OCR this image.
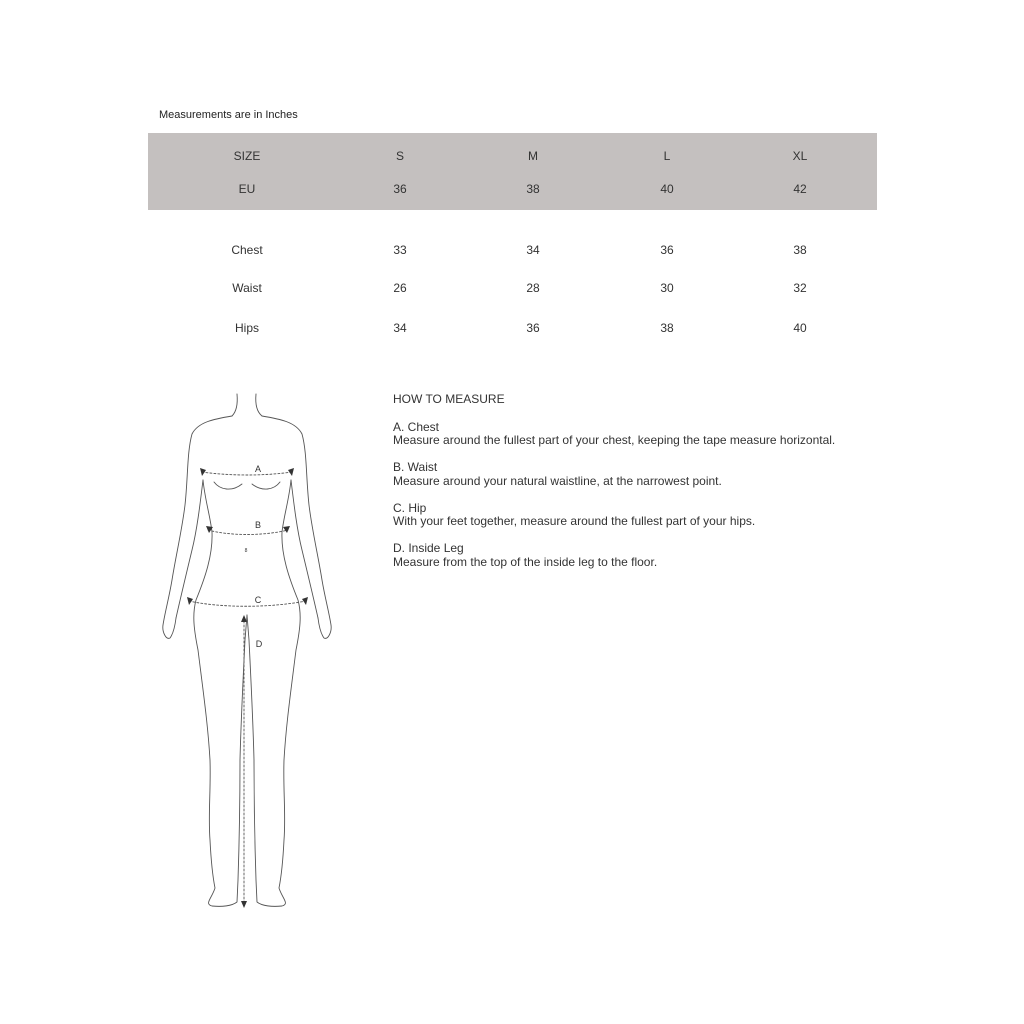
Measurements are in Inches
SIZE	S	M	L	XL
EU	36	38	40	42
Chest	33	34	36	38
Waist	26	28	30	32
Hips	34	36	38	40
HOW TO MEASURE
A. Chest
Measure around the fullest part of your chest, keeping the tape measure horizontal.
B. Waist
Measure around your natural waistline, at the narrowest point.
C. Hip
With your feet together, measure around the fullest part of your hips.
D. Inside Leg
Measure from the top of the inside leg to the floor.
A
B
8
C
D
